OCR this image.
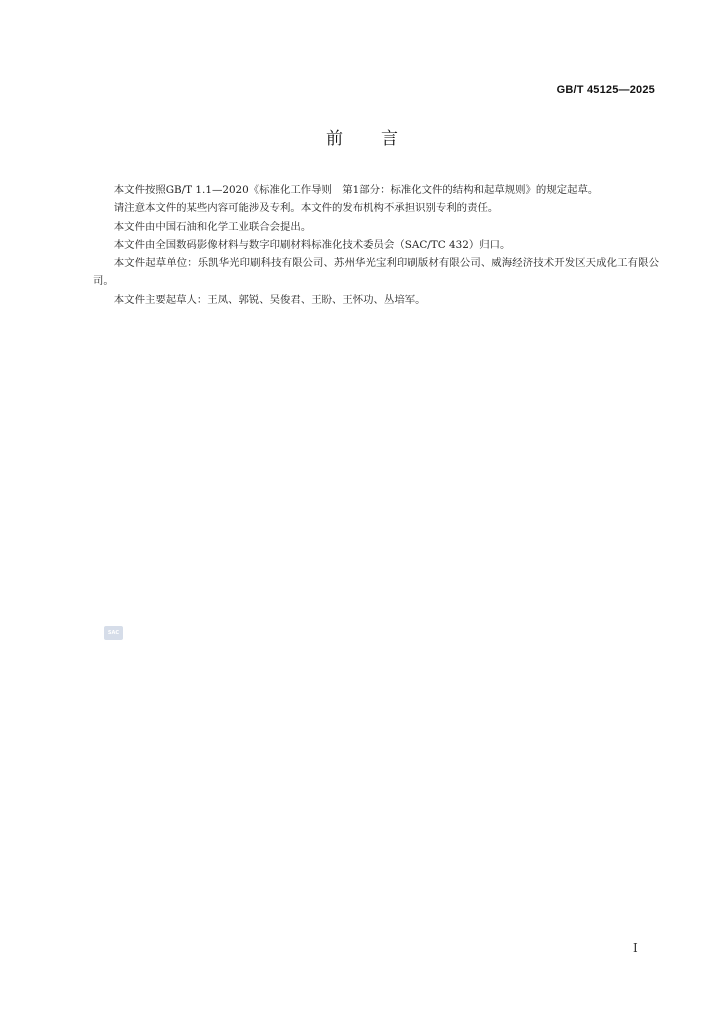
GB/T 45125—2025
前言

本文件按照GB/T 1.1—2020《标准化工作导则　第1部分：标准化文件的结构和起草规则》的规定起草。

请注意本文件的某些内容可能涉及专利。本文件的发布机构不承担识别专利的责任。

本文件由中国石油和化学工业联合会提出。

本文件由全国数码影像材料与数字印刷材料标准化技术委员会（SAC/TC 432）归口。

本文件起草单位：乐凯华光印刷科技有限公司、苏州华光宝利印刷版材有限公司、威海经济技术开发区天成化工有限公司。

本文件主要起草人：王凤、郭锐、吴俊君、王盼、王怀功、丛培军。

SAC
I
